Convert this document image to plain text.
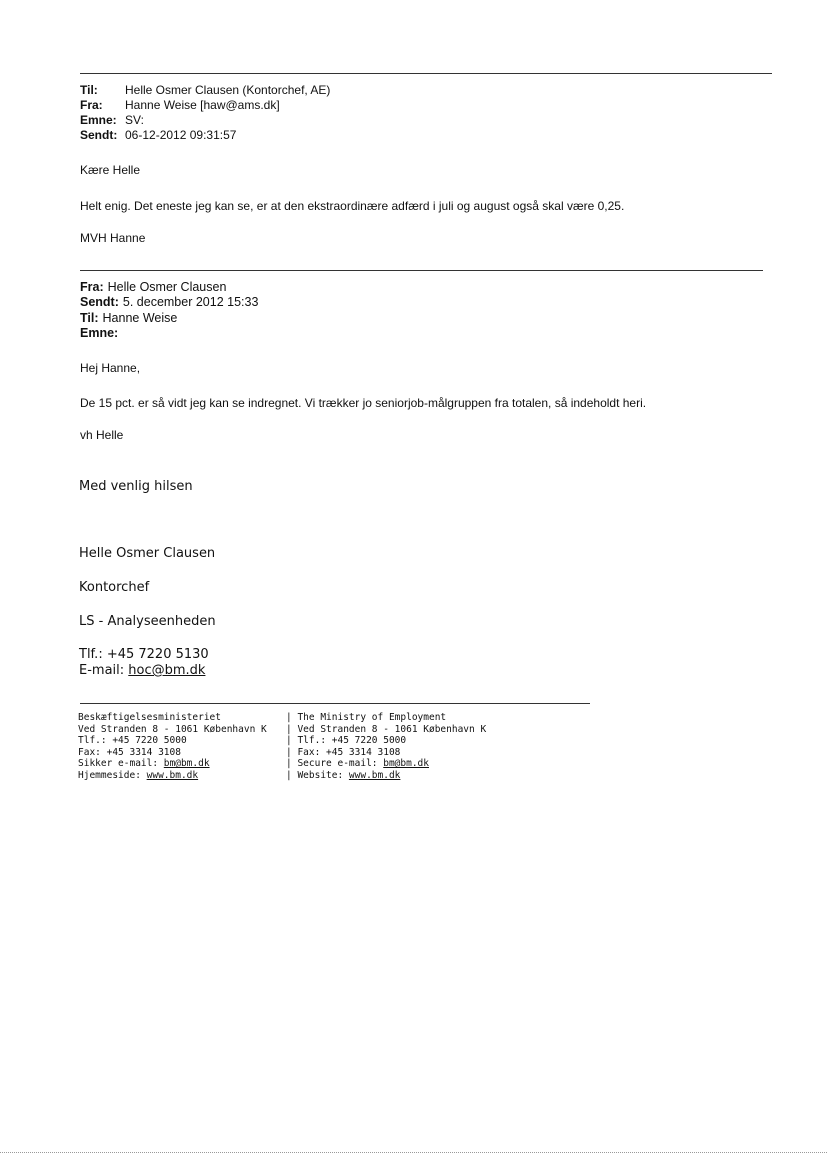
Til: Helle Osmer Clausen (Kontorchef, AE)
Fra: Hanne Weise [haw@ams.dk]
Emne: SV:
Sendt: 06-12-2012 09:31:57
Kære Helle
Helt enig. Det eneste jeg kan se, er at den ekstraordinære adfærd i juli og august også skal være 0,25.
MVH Hanne
Fra: Helle Osmer Clausen
Sendt: 5. december 2012 15:33
Til: Hanne Weise
Emne:
Hej Hanne,
De 15 pct. er så vidt jeg kan se indregnet. Vi trækker jo seniorjob-målgruppen fra totalen, så indeholdt heri.
vh Helle
Med venlig hilsen
Helle Osmer Clausen
Kontorchef
LS - Analyseenheden
Tlf.: +45 7220 5130
E-mail: hoc@bm.dk
Beskæftigelsesministeriet
Ved Stranden 8 - 1061 København K
Tlf.: +45 7220 5000
Fax: +45 3314 3108
Sikker e-mail: bm@bm.dk
Hjemmeside: www.bm.dk
| The Ministry of Employment
| Ved Stranden 8 - 1061 København K
| Tlf.: +45 7220 5000
| Fax: +45 3314 3108
| Secure e-mail: bm@bm.dk
| Website: www.bm.dk
